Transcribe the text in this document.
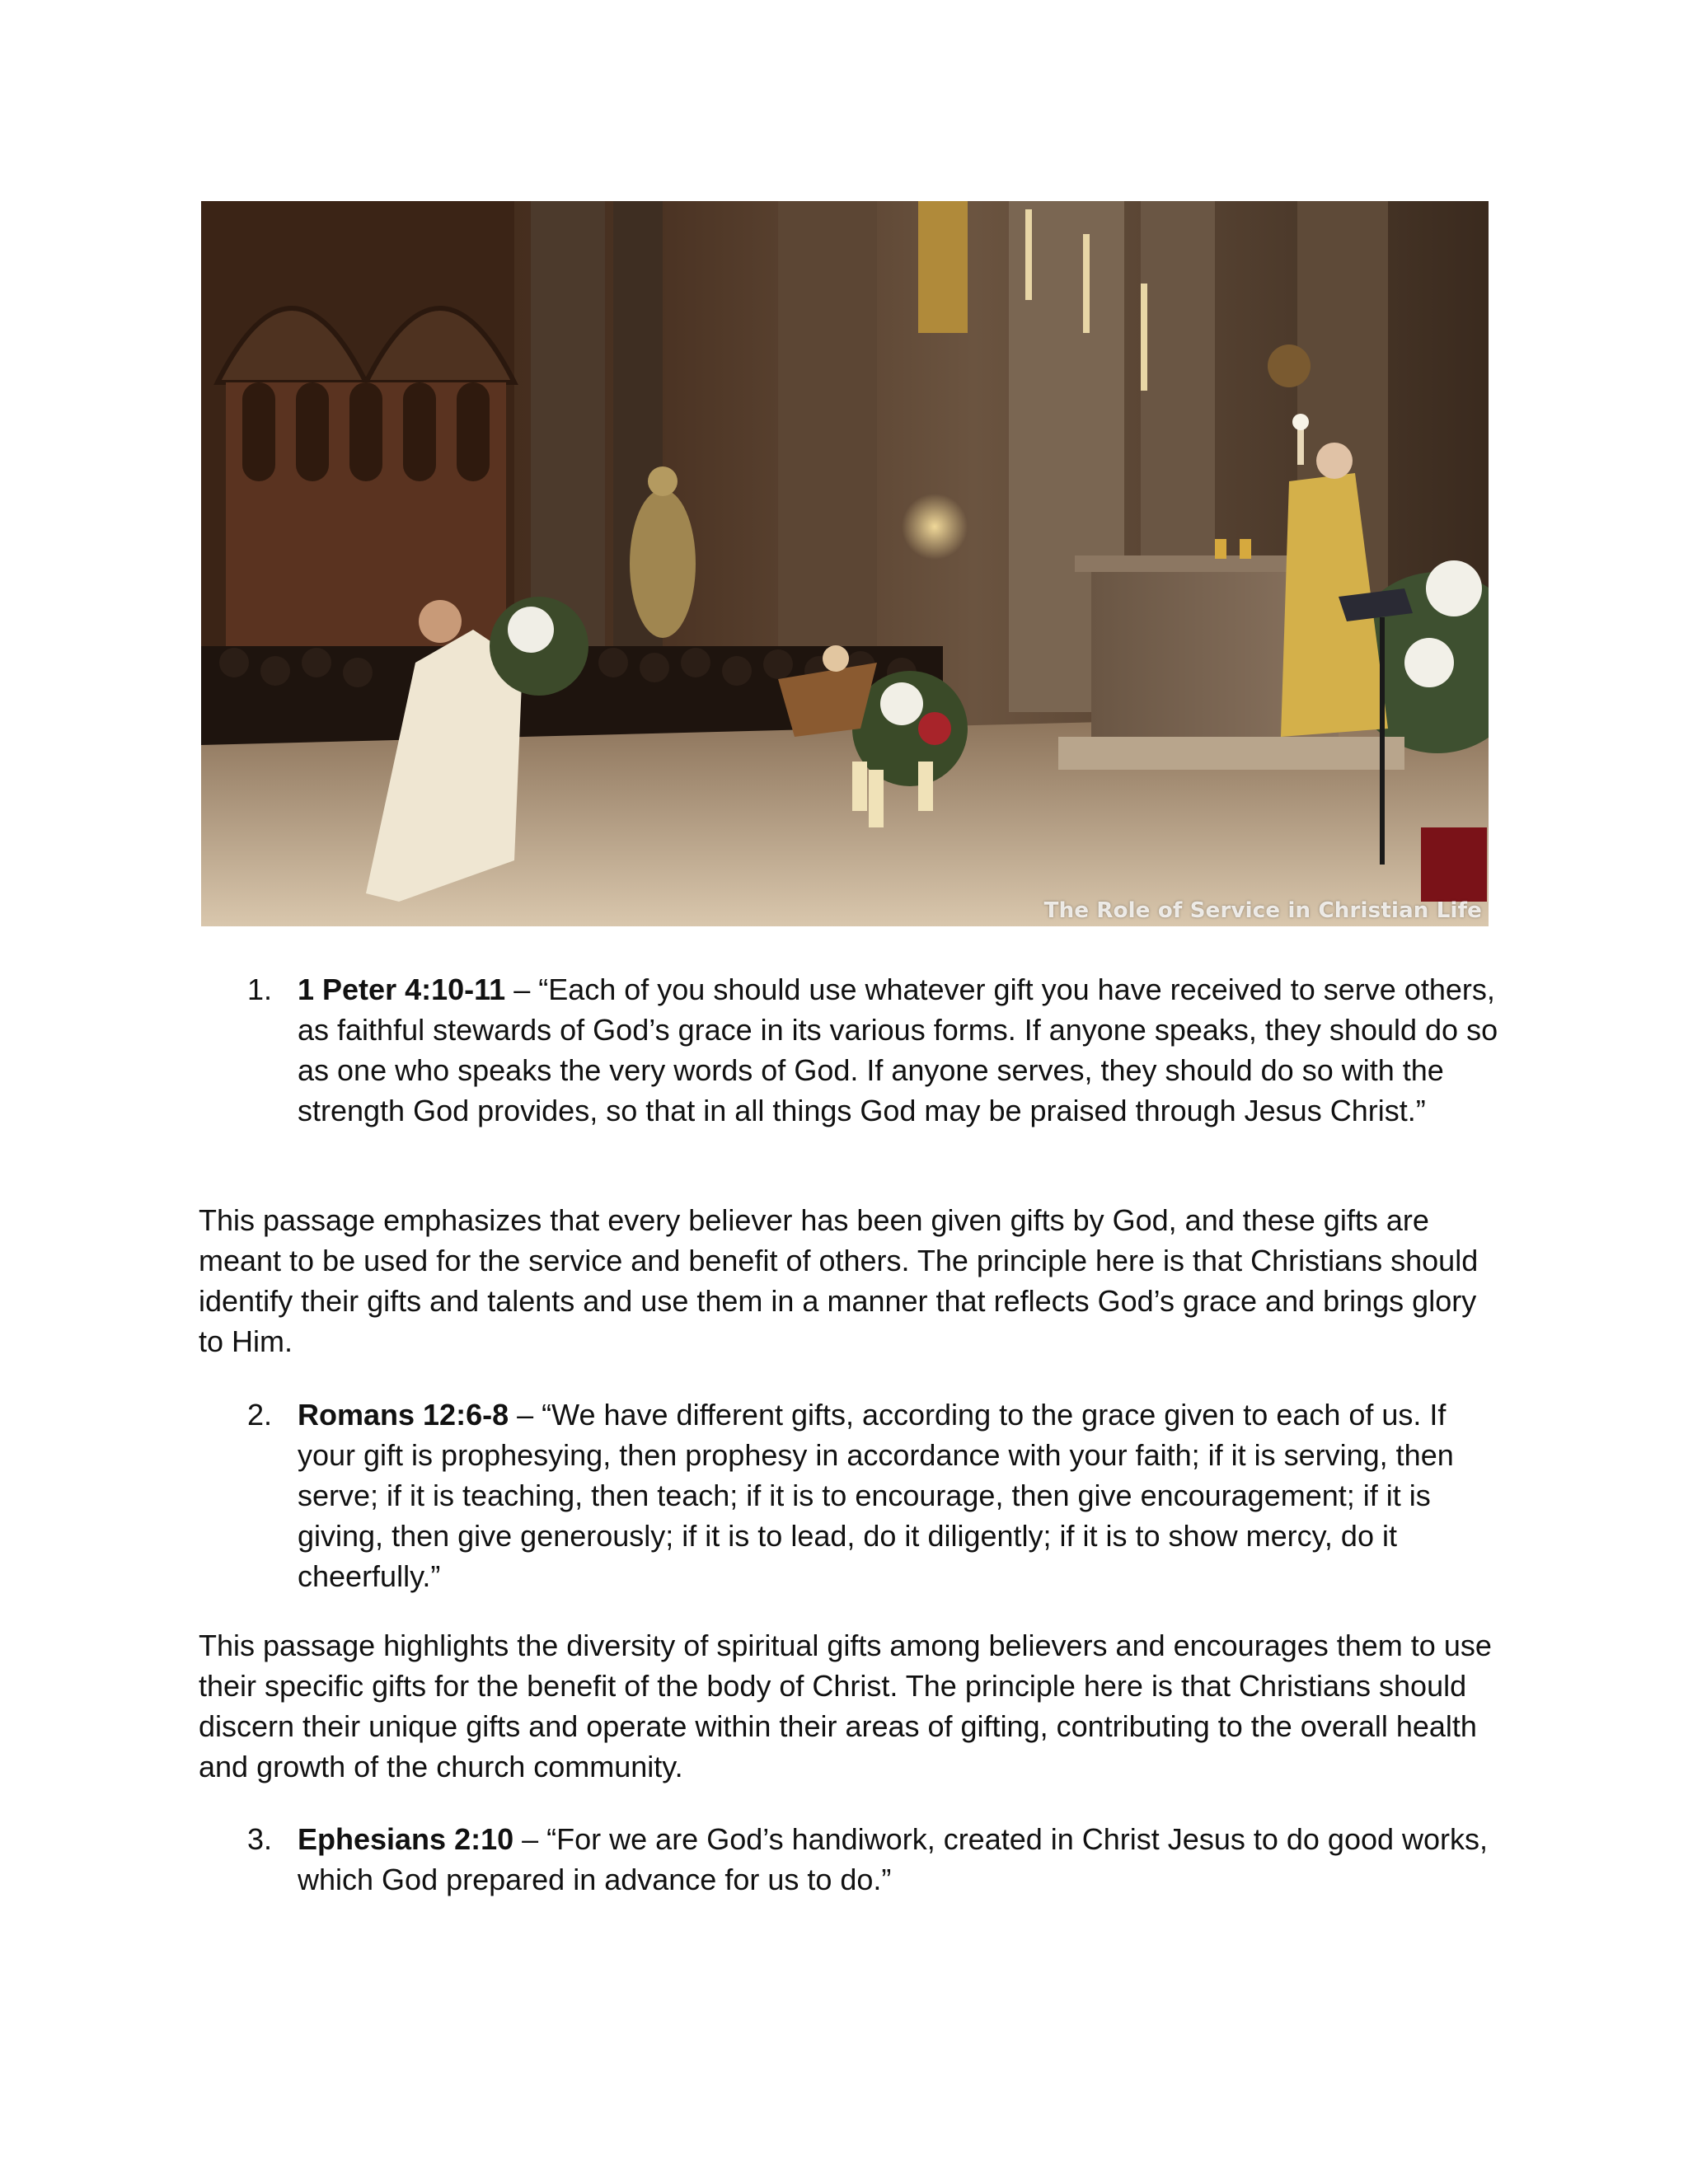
The Role of Service in Christian Life
1. 1 Peter 4:10-11 – “Each of you should use whatever gift you have received to serve others, as faithful stewards of God’s grace in its various forms. If anyone speaks, they should do so as one who speaks the very words of God. If anyone serves, they should do so with the strength God provides, so that in all things God may be praised through Jesus Christ.”
This passage emphasizes that every believer has been given gifts by God, and these gifts are meant to be used for the service and benefit of others. The principle here is that Christians should identify their gifts and talents and use them in a manner that reflects God’s grace and brings glory to Him.
2. Romans 12:6-8 – “We have different gifts, according to the grace given to each of us. If your gift is prophesying, then prophesy in accordance with your faith; if it is serving, then serve; if it is teaching, then teach; if it is to encourage, then give encouragement; if it is giving, then give generously; if it is to lead, do it diligently; if it is to show mercy, do it cheerfully.”
This passage highlights the diversity of spiritual gifts among believers and encourages them to use their specific gifts for the benefit of the body of Christ. The principle here is that Christians should discern their unique gifts and operate within their areas of gifting, contributing to the overall health and growth of the church community.
3. Ephesians 2:10 – “For we are God’s handiwork, created in Christ Jesus to do good works, which God prepared in advance for us to do.”
